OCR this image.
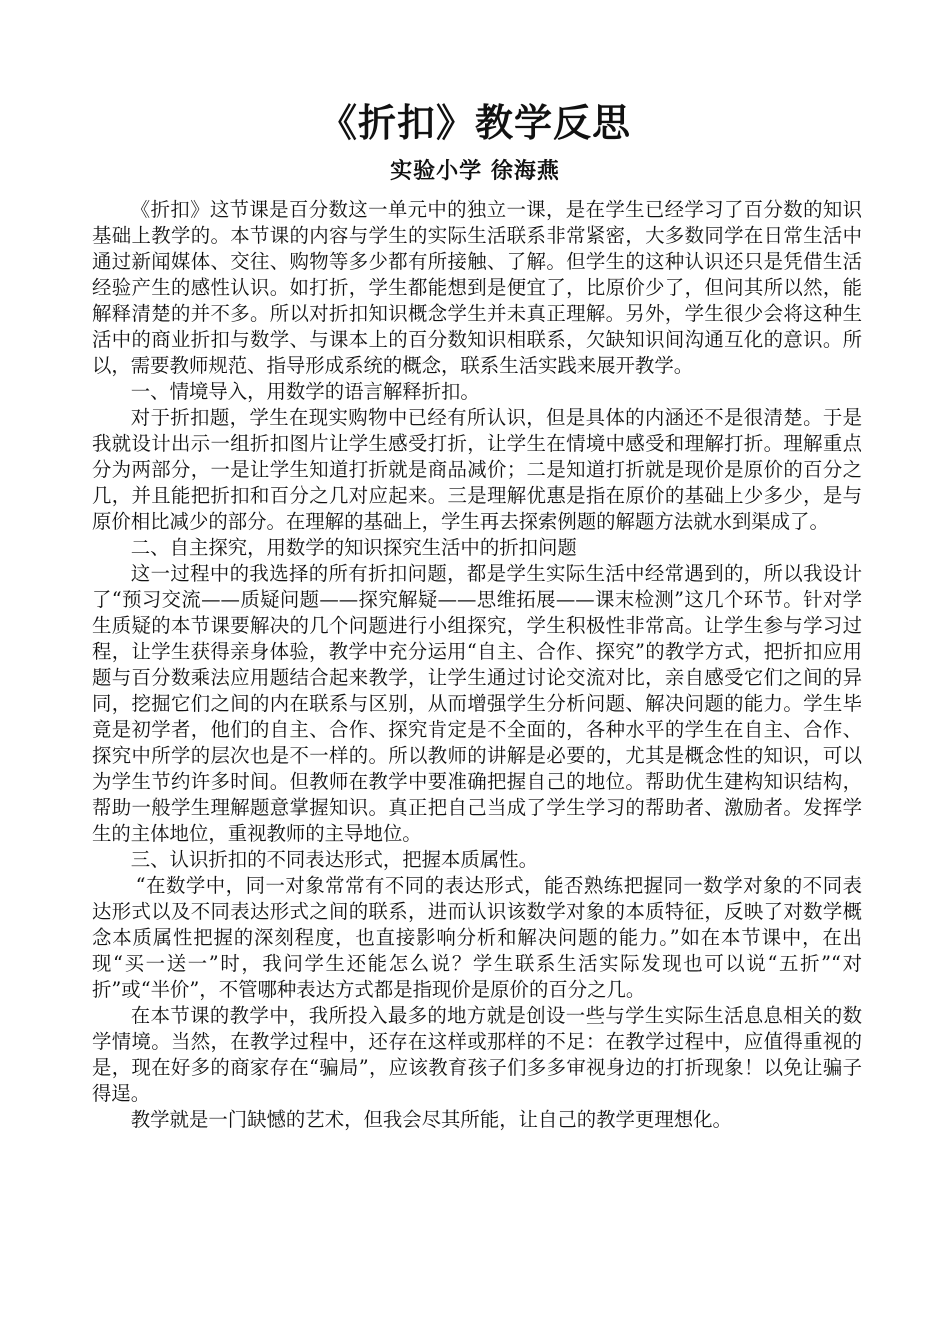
《折扣》教学反思
实验小学 徐海燕

《折扣》这节课是百分数这一单元中的独立一课，是在学生已经学习了百分数的知识基础上教学的。本节课的内容与学生的实际生活联系非常紧密，大多数同学在日常生活中通过新闻媒体、交往、购物等多少都有所接触、了解。但学生的这种认识还只是凭借生活经验产生的感性认识。如打折，学生都能想到是便宜了，比原价少了，但问其所以然，能解释清楚的并不多。所以对折扣知识概念学生并未真正理解。另外，学生很少会将这种生活中的商业折扣与数学、与课本上的百分数知识相联系，欠缺知识间沟通互化的意识。所以，需要教师规范、指导形成系统的概念，联系生活实践来展开教学。

一、情境导入，用数学的语言解释折扣。

对于折扣题，学生在现实购物中已经有所认识，但是具体的内涵还不是很清楚。于是我就设计出示一组折扣图片让学生感受打折，让学生在情境中感受和理解打折。理解重点分为两部分，一是让学生知道打折就是商品减价；二是知道打折就是现价是原价的百分之几，并且能把折扣和百分之几对应起来。三是理解优惠是指在原价的基础上少多少，是与原价相比减少的部分。在理解的基础上，学生再去探索例题的解题方法就水到渠成了。

二、自主探究，用数学的知识探究生活中的折扣问题

这一过程中的我选择的所有折扣问题，都是学生实际生活中经常遇到的，所以我设计了“预习交流——质疑问题——探究解疑——思维拓展——课末检测”这几个环节。针对学生质疑的本节课要解决的几个问题进行小组探究，学生积极性非常高。让学生参与学习过程，让学生获得亲身体验，教学中充分运用“自主、合作、探究”的教学方式，把折扣应用题与百分数乘法应用题结合起来教学，让学生通过讨论交流对比，亲自感受它们之间的异同，挖掘它们之间的内在联系与区别，从而增强学生分析问题、解决问题的能力。学生毕竟是初学者，他们的自主、合作、探究肯定是不全面的，各种水平的学生在自主、合作、探究中所学的层次也是不一样的。所以教师的讲解是必要的，尤其是概念性的知识，可以为学生节约许多时间。但教师在教学中要准确把握自己的地位。帮助优生建构知识结构，帮助一般学生理解题意掌握知识。真正把自己当成了学生学习的帮助者、激励者。发挥学生的主体地位，重视教师的主导地位。

三、认识折扣的不同表达形式，把握本质属性。

“在数学中，同一对象常常有不同的表达形式，能否熟练把握同一数学对象的不同表达形式以及不同表达形式之间的联系，进而认识该数学对象的本质特征，反映了对数学概念本质属性把握的深刻程度，也直接影响分析和解决问题的能力。”如在本节课中，在出现“买一送一”时，我问学生还能怎么说？学生联系生活实际发现也可以说“五折”“对折”或“半价”，不管哪种表达方式都是指现价是原价的百分之几。

在本节课的教学中，我所投入最多的地方就是创设一些与学生实际生活息息相关的数学情境。当然，在教学过程中，还存在这样或那样的不足：在教学过程中，应值得重视的是，现在好多的商家存在“骗局”，应该教育孩子们多多审视身边的打折现象！以免让骗子得逞。

教学就是一门缺憾的艺术，但我会尽其所能，让自己的教学更理想化。
